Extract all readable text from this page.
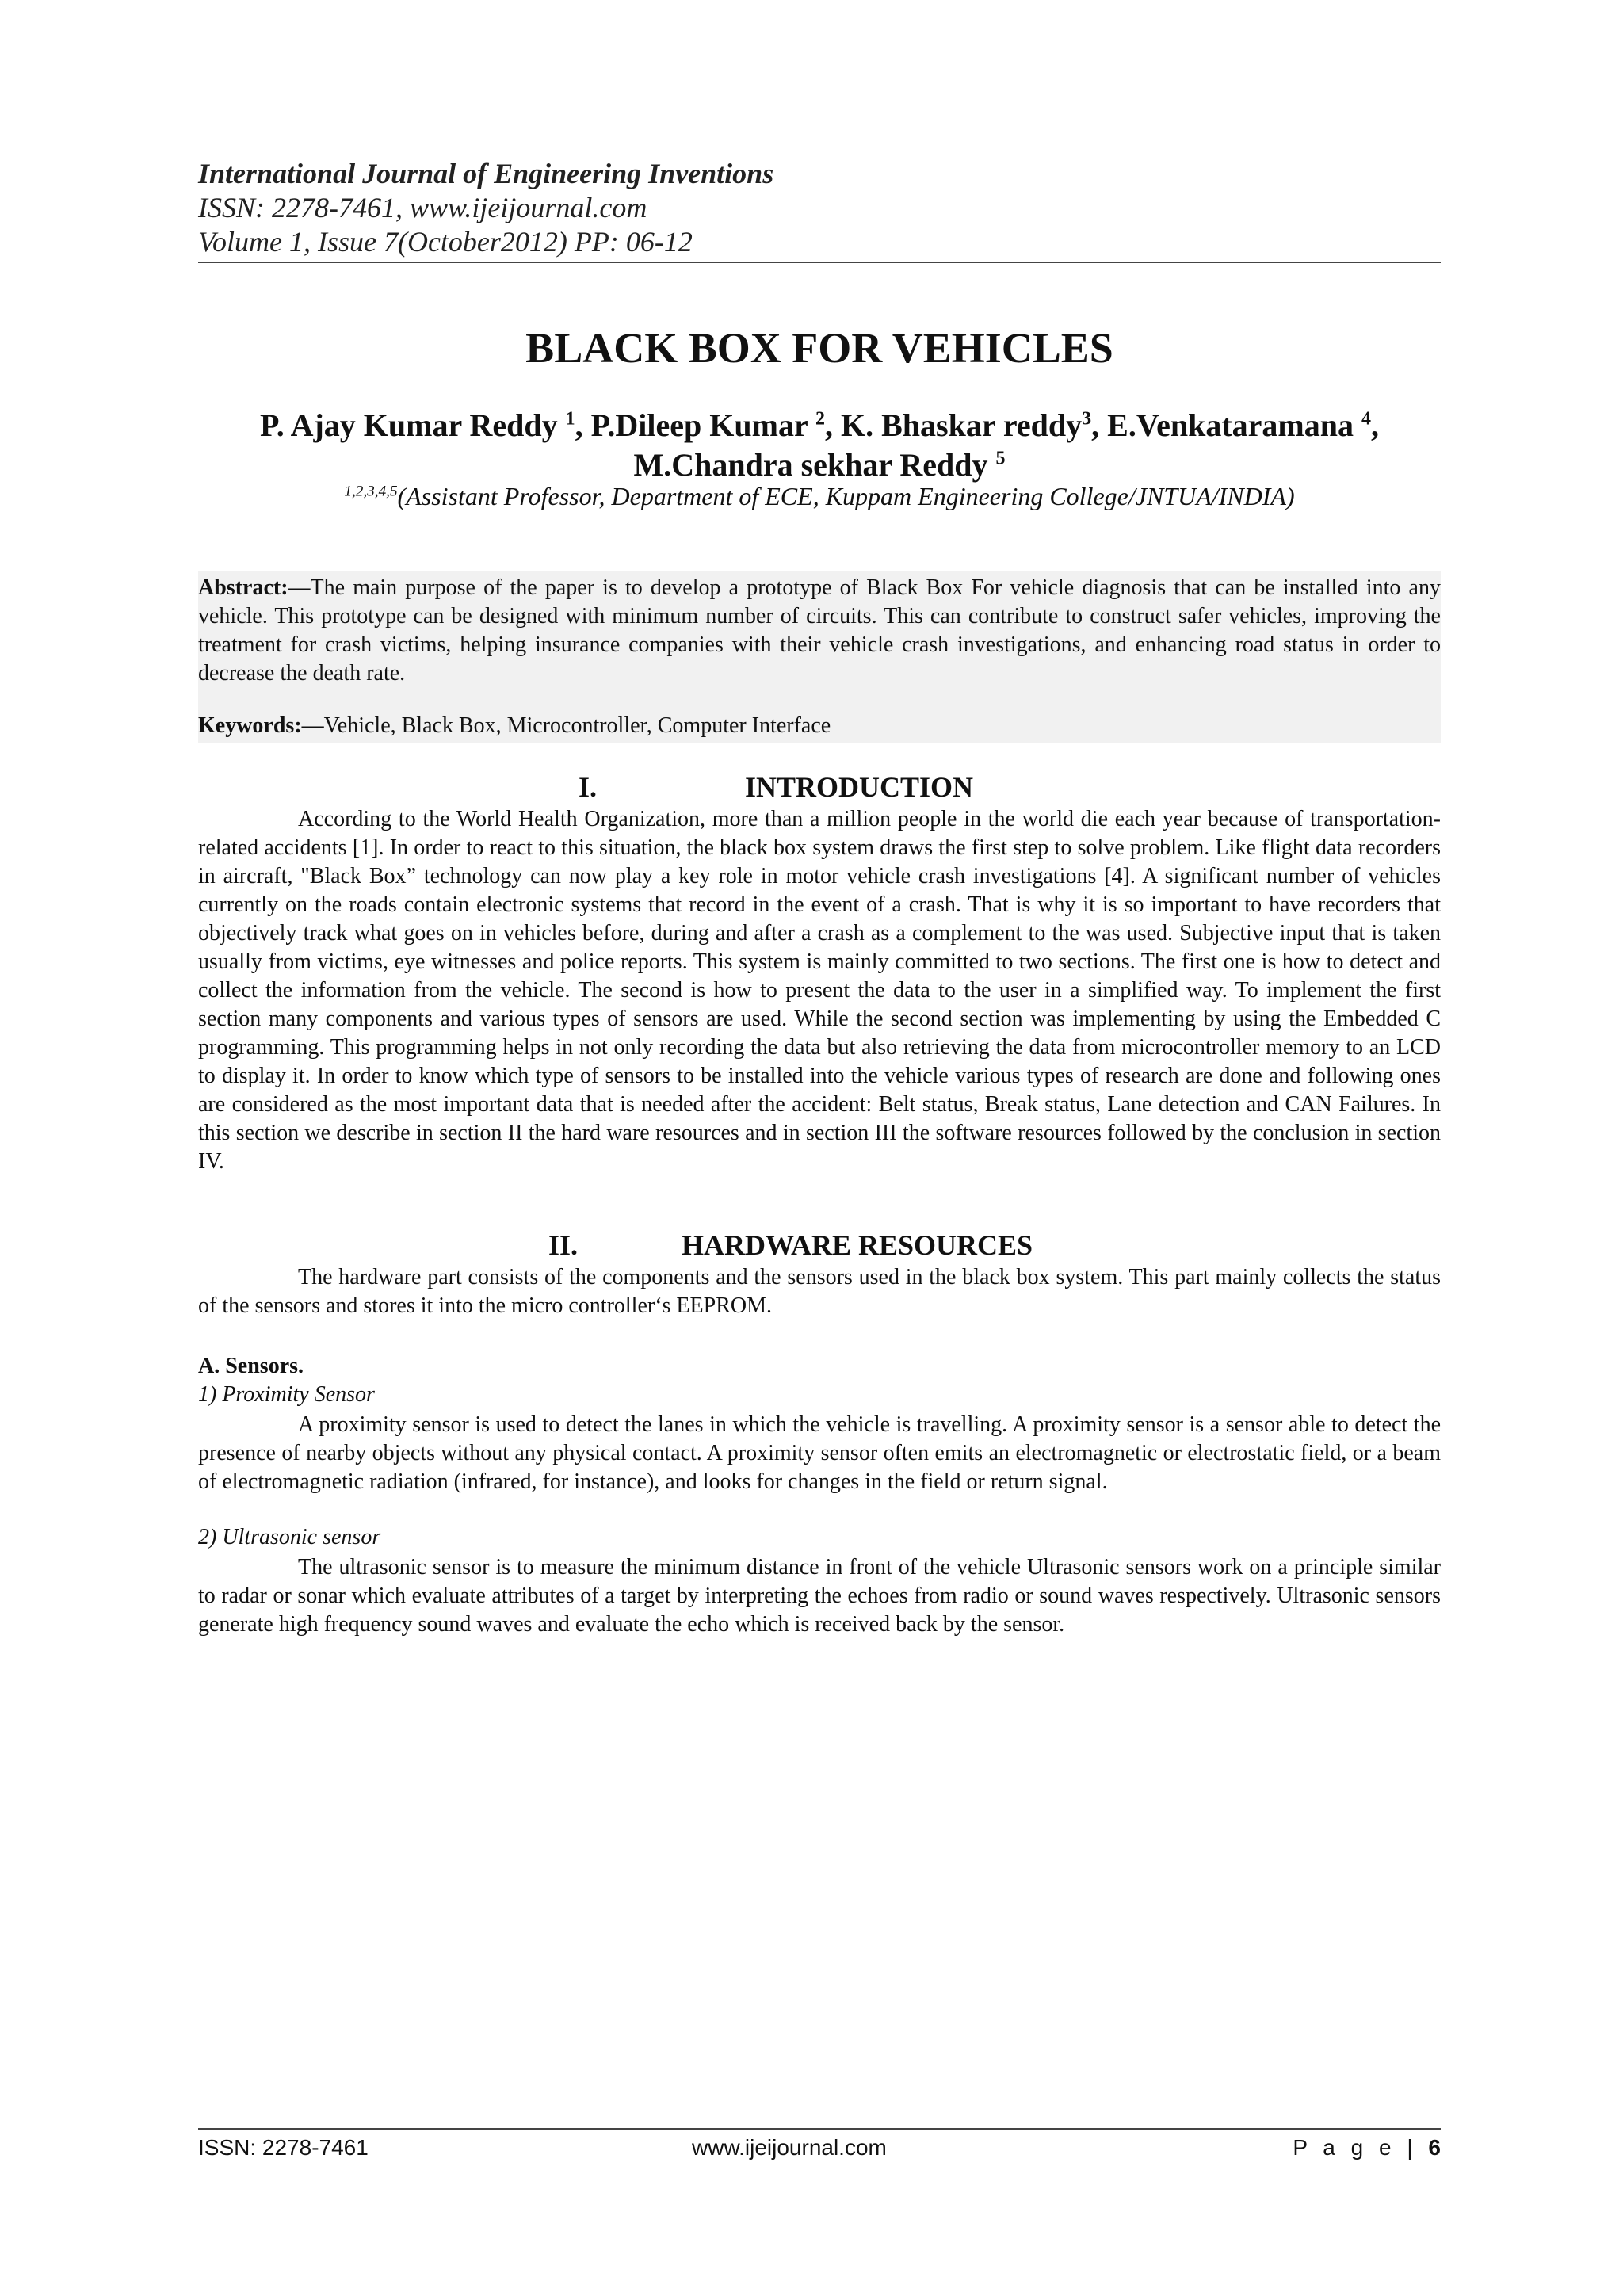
International Journal of Engineering Inventions
ISSN: 2278-7461, www.ijeijournal.com
Volume 1, Issue 7(October2012) PP: 06-12
BLACK BOX FOR VEHICLES
P. Ajay Kumar Reddy $^1$, P.Dileep Kumar $^2$, K. Bhaskar reddy$^3$, E.Venkataramana $^4$,
M.Chandra sekhar Reddy $^5$
$^{1,2,3,4,5}$(Assistant Professor, Department of ECE, Kuppam Engineering College/JNTUA/INDIA)
Abstract:—The main purpose of the paper is to develop a prototype of Black Box For vehicle diagnosis that can be installed into any vehicle. This prototype can be designed with minimum number of circuits. This can contribute to construct safer vehicles, improving the treatment for crash victims, helping insurance companies with their vehicle crash investigations, and enhancing road status in order to decrease the death rate.
Keywords:—Vehicle, Black Box, Microcontroller, Computer Interface
I.	INTRODUCTION
According to the World Health Organization, more than a million people in the world die each year because of transportation-related accidents [1]. In order to react to this situation, the black box system draws the first step to solve problem. Like flight data recorders in aircraft, "Black Box” technology can now play a key role in motor vehicle crash investigations [4]. A significant number of vehicles currently on the roads contain electronic systems that record in the event of a crash. That is why it is so important to have recorders that objectively track what goes on in vehicles before, during and after a crash as a complement to the was used. Subjective input that is taken usually from victims, eye witnesses and police reports. This system is mainly committed to two sections. The first one is how to detect and collect the information from the vehicle. The second is how to present the data to the user in a simplified way. To implement the first section many components and various types of sensors are used. While the second section was implementing by using the Embedded C programming. This programming helps in not only recording the data but also retrieving the data from microcontroller memory to an LCD to display it. In order to know which type of sensors to be installed into the vehicle various types of research are done and following ones are considered as the most important data that is needed after the accident: Belt status, Break status, Lane detection and CAN Failures. In this section we describe in section II the hard ware resources and in section III the software resources followed by the conclusion in section IV.
II.	HARDWARE RESOURCES
The hardware part consists of the components and the sensors used in the black box system. This part mainly collects the status of the sensors and stores it into the micro controller‘s EEPROM.
A. Sensors.
1) Proximity Sensor
A proximity sensor is used to detect the lanes in which the vehicle is travelling. A proximity sensor is a sensor able to detect the presence of nearby objects without any physical contact. A proximity sensor often emits an electromagnetic or electrostatic field, or a beam of electromagnetic radiation (infrared, for instance), and looks for changes in the field or return signal.
2) Ultrasonic sensor
The ultrasonic sensor is to measure the minimum distance in front of the vehicle Ultrasonic sensors work on a principle similar to radar or sonar which evaluate attributes of a target by interpreting the echoes from radio or sound waves respectively. Ultrasonic sensors generate high frequency sound waves and evaluate the echo which is received back by the sensor.
ISSN: 2278-7461	www.ijeijournal.com	P a g e | 6
